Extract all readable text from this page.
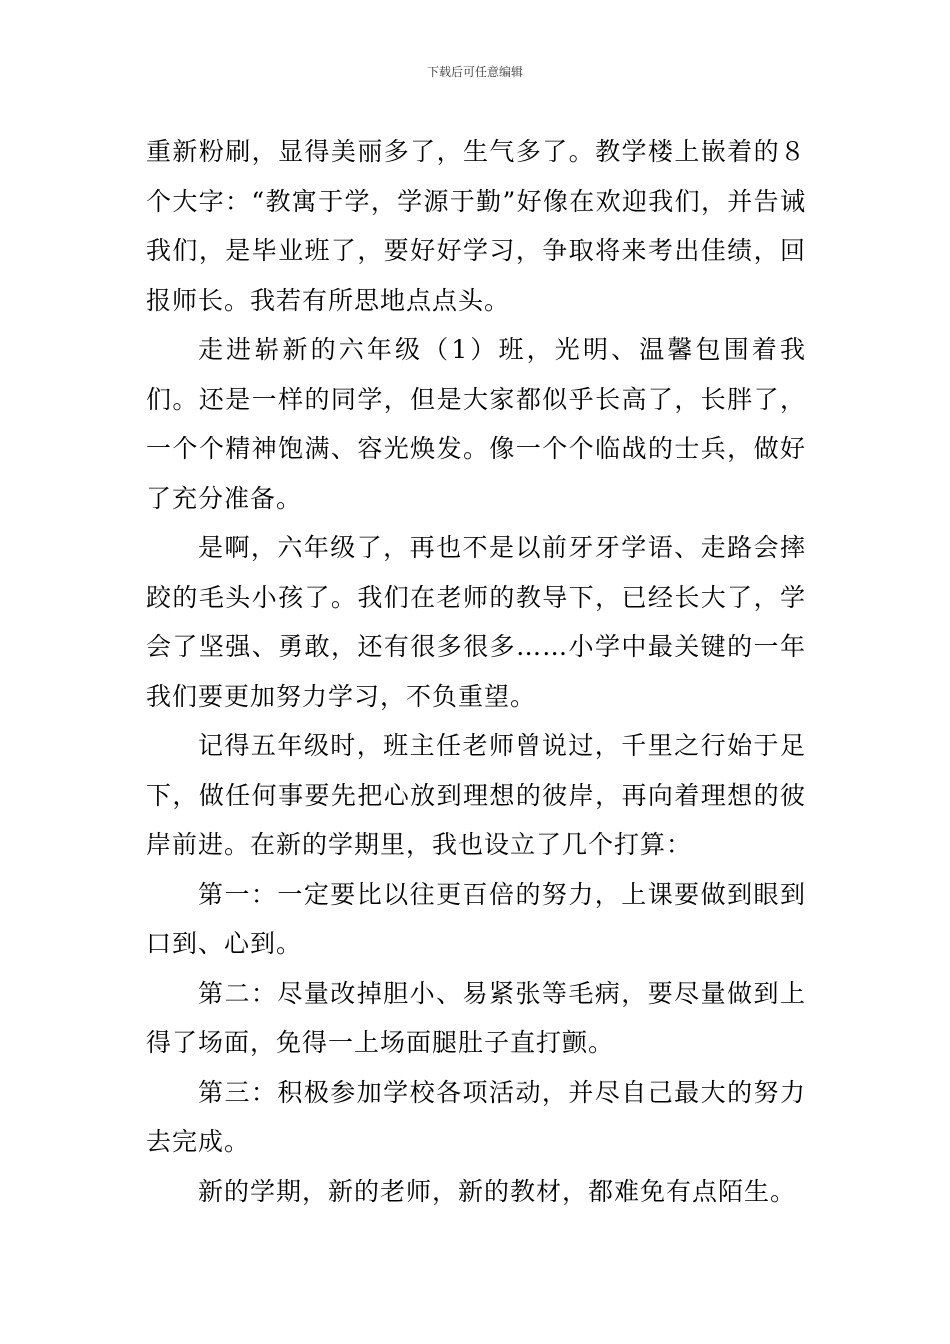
下载后可任意编辑

重新粉刷，显得美丽多了，生气多了。教学楼上嵌着的８个大字：“教寓于学，学源于勤”好像在欢迎我们，并告诫我们，是毕业班了，要好好学习，争取将来考出佳绩，回报师长。我若有所思地点点头。

走进崭新的六年级（1）班，光明、温馨包围着我们。还是一样的同学，但是大家都似乎长高了，长胖了，一个个精神饱满、容光焕发。像一个个临战的士兵，做好了充分准备。

是啊，六年级了，再也不是以前牙牙学语、走路会摔跤的毛头小孩了。我们在老师的教导下，已经长大了，学会了坚强、勇敢，还有很多很多……小学中最关键的一年我们要更加努力学习，不负重望。

记得五年级时，班主任老师曾说过，千里之行始于足下，做任何事要先把心放到理想的彼岸，再向着理想的彼岸前进。在新的学期里，我也设立了几个打算：

第一：一定要比以往更百倍的努力，上课要做到眼到口到、心到。

第二：尽量改掉胆小、易紧张等毛病，要尽量做到上得了场面，免得一上场面腿肚子直打颤。

第三：积极参加学校各项活动，并尽自己最大的努力去完成。

新的学期，新的老师，新的教材，都难免有点陌生。
